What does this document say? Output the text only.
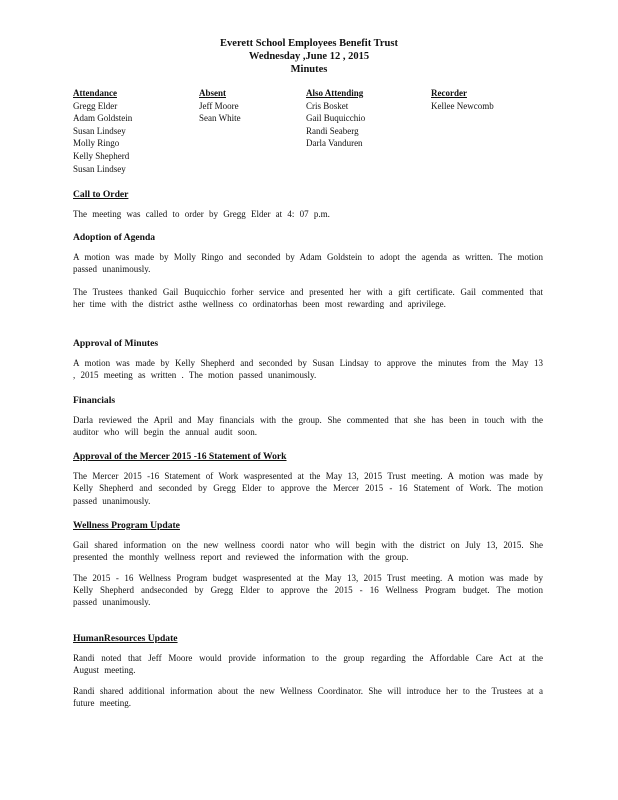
Everett School Employees Benefit Trust
Wednesday ,June 12 , 2015
Minutes
Attendance
Gregg Elder
Adam Goldstein
Susan Lindsey
Molly Ringo
Kelly Shepherd
Susan Lindsey
Absent
Jeff Moore
Sean White
Also Attending
Cris Bosket
Gail Buquicchio
Randi Seaberg
Darla Vanduren
Recorder
Kellee Newcomb
Call to Order

The meeting was called to order by Gregg Elder at 4: 07 p.m.

Adoption of Agenda

A motion was made by Molly Ringo and seconded by Adam Goldstein to adopt the agenda as written. The motion passed unanimously.

The Trustees thanked Gail Buquicchio forher service and presented her with a gift certificate. Gail commented that her time with the district asthe wellness co ordinatorhas been most rewarding and aprivilege.

Approval of Minutes

A motion was made by Kelly Shepherd and seconded by Susan Lindsay to approve the minutes from the May 13 , 2015 meeting as written . The motion passed unanimously.

Financials

Darla reviewed the April and May financials with the group. She commented that she has been in touch with the auditor who will begin the annual audit soon.

Approval of the Mercer 2015 -16 Statement of Work

The Mercer 2015 -16 Statement of Work waspresented at the May 13, 2015 Trust meeting. A motion was made by Kelly Shepherd and seconded by Gregg Elder to approve the Mercer 2015 - 16 Statement of Work. The motion passed unanimously.

Wellness Program Update

Gail shared information on the new wellness coordi nator who will begin with the district on July 13, 2015. She presented the monthly wellness report and reviewed the information with the group.

The 2015 - 16 Wellness Program budget waspresented at the May 13, 2015 Trust meeting. A motion was made by Kelly Shepherd andseconded by Gregg Elder to approve the 2015 - 16 Wellness Program budget. The motion passed unanimously.

HumanResources Update

Randi noted that Jeff Moore would provide information to the group regarding the Affordable Care Act at the August meeting.

Randi shared additional information about the new Wellness Coordinator. She will introduce her to the Trustees at a future meeting.
